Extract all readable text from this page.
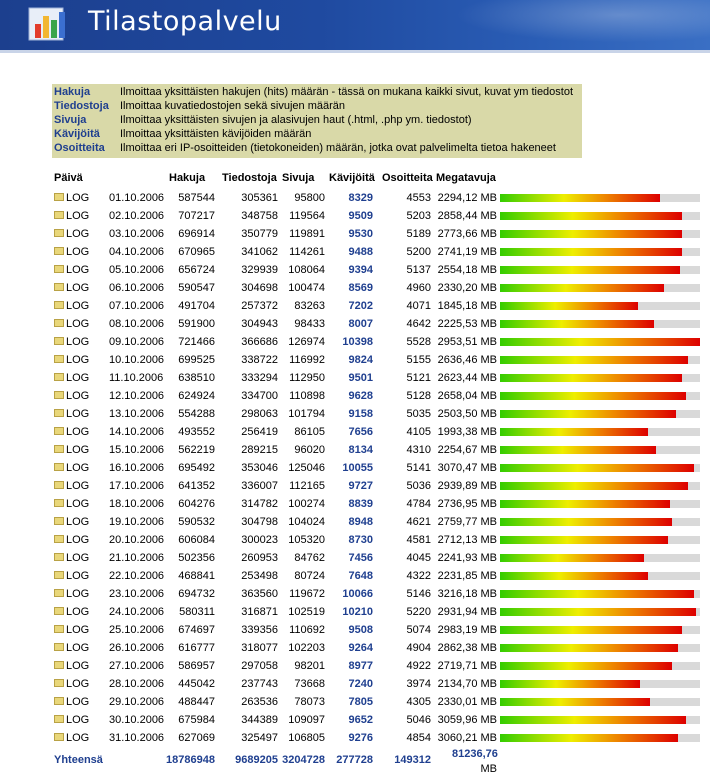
Tilastopalvelu
Hakuja	Ilmoittaa yksittäisten hakujen (hits) määrän - tässä on mukana kaikki sivut, kuvat ym tiedostot
Tiedostoja	Ilmoittaa kuvatiedostojen sekä sivujen määrän
Sivuja	Ilmoittaa yksittäisten sivujen ja alasivujen haut (.html, .php ym. tiedostot)
Kävijöitä	Ilmoittaa yksittäisten kävijöiden määrän
Osoitteita	Ilmoittaa eri IP-osoitteiden (tietokoneiden) määrän, jotka ovat palvelimelta tietoa hakeneet
Päivä	Hakuja Tiedostoja Sivuja Kävijöitä Osoitteita Megatavuja
LOG 01.10.2006	587544	305361	95800	8329	4553 2294,12 MB
LOG 02.10.2006	707217	348758	119564	9509	5203 2858,44 MB
LOG 03.10.2006	696914	350779	119891	9530	5189 2773,66 MB
LOG 04.10.2006	670965	341062	114261	9488	5200 2741,19 MB
LOG 05.10.2006	656724	329939 108064	9394	5137 2554,18 MB
LOG 06.10.2006	590547	304698 100474	8569	4960 2330,20 MB
LOG 07.10.2006	491704	257372	83263	7202	4071 1845,18 MB
LOG 08.10.2006	591900	304943	98433	8007	4642 2225,53 MB
LOG 09.10.2006	721466	366686 126974	10398	5528 2953,51 MB
LOG 10.10.2006	699525	338722	116992	9824	5155 2636,46 MB
LOG 11.10.2006	638510	333294	112950	9501	5121 2623,44 MB
LOG 12.10.2006	624924	334700	110898	9628	5128 2658,04 MB
LOG 13.10.2006	554288	298063 101794	9158	5035 2503,50 MB
LOG 14.10.2006	493552	256419	86105	7656	4105 1993,38 MB
LOG 15.10.2006	562219	289215	96020	8134	4310 2254,67 MB
LOG 16.10.2006	695492	353046 125046	10055	5141 3070,47 MB
LOG 17.10.2006	641352	336007	112165	9727	5036 2939,89 MB
LOG 18.10.2006	604276	314782 100274	8839	4784 2736,95 MB
LOG 19.10.2006	590532	304798 104024	8948	4621 2759,77 MB
LOG 20.10.2006	606084	300023 105320	8730	4581 2712,13 MB
LOG 21.10.2006	502356	260953	84762	7456	4045 2241,93 MB
LOG 22.10.2006	468841	253498	80724	7648	4322 2231,85 MB
LOG 23.10.2006	694732	363560	119672	10066	5146 3216,18 MB
LOG 24.10.2006	580311	316871 102519	10210	5220 2931,94 MB
LOG 25.10.2006	674697	339356	110692	9508	5074 2983,19 MB
LOG 26.10.2006	616777	318077 102203	9264	4904 2862,38 MB
LOG 27.10.2006	586957	297058	98201	8977	4922 2719,71 MB
LOG 28.10.2006	445042	237743	73668	7240	3974 2134,70 MB
LOG 29.10.2006	488447	263536	78073	7805	4305 2330,01 MB
LOG 30.10.2006	675984	344389 109097	9652	5046 3059,96 MB
LOG 31.10.2006	627069	325497 106805	9276	4854 3060,21 MB
Yhteensä	18786948	9689205 3204728	277728	149312 81236,76
MB
